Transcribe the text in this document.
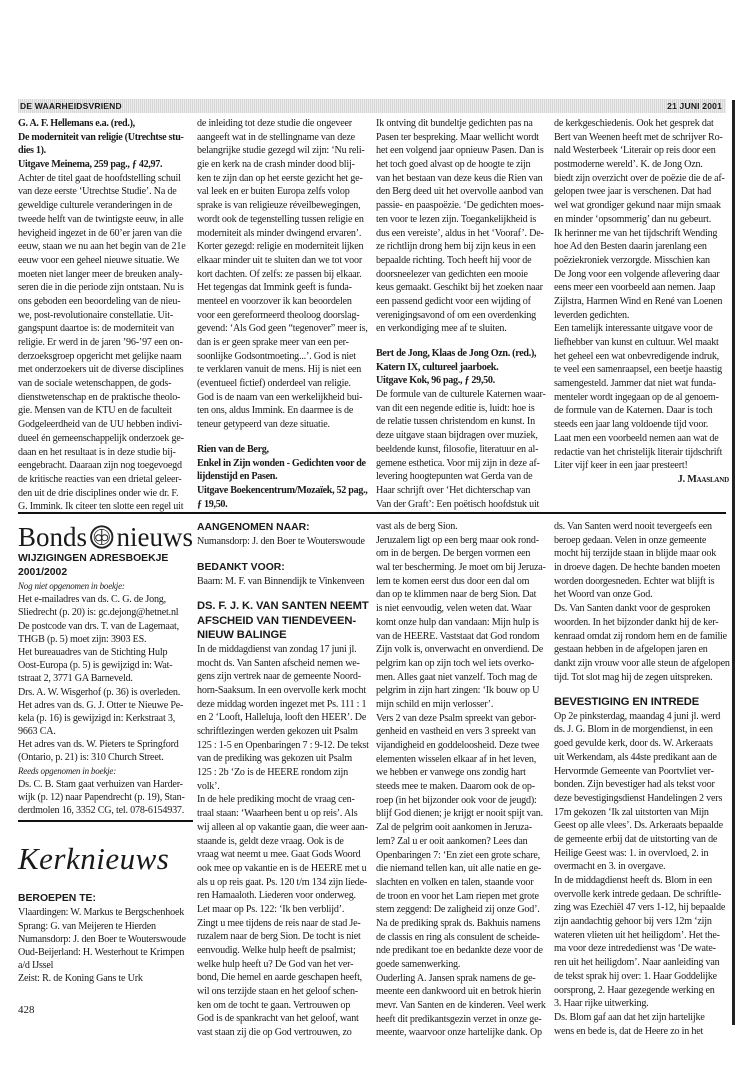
DE WAARHEIDSVRIEND	21 JUNI 2001
G. A. F. Hellemans e.a. (red.),
De moderniteit van religie (Utrechtse stu-
dies 1).
Uitgave Meinema, 259 pag., ƒ 42,97.
Achter de titel gaat de hoofdstelling schuil
van deze eerste ‘Utrechtse Studie’. Na de
geweldige culturele veranderingen in de
tweede helft van de twintigste eeuw, in alle
hevigheid ingezet in de 60’er jaren van die
eeuw, staan we nu aan het begin van de 21e
eeuw voor een geheel nieuwe situatie. We
moeten niet langer meer de breuken analy-
seren die in die periode zijn ontstaan. Nu is
ons geboden een beoordeling van de nieu-
we, post-revolutionaire constellatie. Uit-
gangspunt daartoe is: de moderniteit van
religie. Er werd in de jaren ’96-’97 een on-
derzoeksgroep opgericht met gelijke naam
met onderzoekers uit de diverse disciplines
van de sociale wetenschappen, de gods-
dienstwetenschap en de praktische theolo-
gie. Mensen van de KTU en de faculteit
Godgeleerdheid van de UU hebben indivi-
dueel én gemeenschappelijk onderzoek ge-
daan en het resultaat is in deze studie bij-
eengebracht. Daaraan zijn nog toegevoegd
de kritische reacties van een drietal geleer-
den uit de drie disciplines onder wie dr. F.
G. Immink. Ik citeer ten slotte een regel uit
de inleiding tot deze studie die ongeveer
aangeeft wat in de stellingname van deze
belangrijke studie gezegd wil zijn: ‘Nu reli-
gie en kerk na de crash minder dood blij-
ken te zijn dan op het eerste gezicht het ge-
val leek en er buiten Europa zelfs volop
sprake is van religieuze réveilbewegingen,
wordt ook de tegenstelling tussen religie en
moderniteit als minder dwingend ervaren’.
Korter gezegd: religie en moderniteit lijken
elkaar minder uit te sluiten dan we tot voor
kort dachten. Of zelfs: ze passen bij elkaar.
Het tegengas dat Immink geeft is funda-
menteel en voorzover ik kan beoordelen
voor een gereformeerd theoloog doorslag-
gevend: ‘Als God geen “tegenover” meer is,
dan is er geen sprake meer van een per-
soonlijke Godsontmoeting...’. God is niet
te verklaren vanuit de mens. Hij is niet een
(eventueel fictief) onderdeel van religie.
God is de naam van een werkelijkheid bui-
ten ons, aldus Immink. En daarmee is de
teneur getypeerd van deze situatie.
Rien van de Berg,
Enkel in Zijn wonden - Gedichten voor de
lijdenstijd en Pasen.
Uitgave Boekencentrum/Mozaïek, 52 pag.,
ƒ 19,50.
Ik ontving dit bundeltje gedichten pas na
Pasen ter bespreking. Maar wellicht wordt
het een volgend jaar opnieuw Pasen. Dan is
het toch goed alvast op de hoogte te zijn
van het bestaan van deze keus die Rien van
den Berg deed uit het overvolle aanbod van
passie- en paaspoëzie. ‘De gedichten moes-
ten voor te lezen zijn. Toegankelijkheid is
dus een vereiste’, aldus in het ‘Vooraf’. De-
ze richtlijn drong hem bij zijn keus in een
bepaalde richting. Toch heeft hij voor de
doorsneelezer van gedichten een mooie
keus gemaakt. Geschikt bij het zoeken naar
een passend gedicht voor een wijding of
verenigingsavond of om een overdenking
en verkondiging mee af te sluiten.
Bert de Jong, Klaas de Jong Ozn. (red.),
Katern IX, cultureel jaarboek.
Uitgave Kok, 96 pag., ƒ 29,50.
De formule van de culturele Katernen waar-
van dit een negende editie is, luidt: hoe is
de relatie tussen christendom en kunst. In
deze uitgave staan bijdragen over muziek,
beeldende kunst, filosofie, literatuur en al-
gemene esthetica. Voor mij zijn in deze af-
levering hoogtepunten wat Gerda van de
Haar schrijft over ‘Het dichterschap van
Van der Graft’: Een poëtisch hoofdstuk uit
de kerkgeschiedenis. Ook het gesprek dat
Bert van Weenen heeft met de schrijver Ro-
nald Westerbeek ‘Literair op reis door een
postmoderne wereld’. K. de Jong Ozn.
biedt zijn overzicht over de poëzie die de af-
gelopen twee jaar is verschenen. Dat had
wel wat grondiger gekund naar mijn smaak
en minder ‘opsommerig’ dan nu gebeurt.
Ik herinner me van het tijdschrift Wending
hoe Ad den Besten daarin jarenlang een
poëziekroniek verzorgde. Misschien kan
De Jong voor een volgende aflevering daar
eens meer een voorbeeld aan nemen. Jaap
Zijlstra, Harmen Wind en René van Loenen
leverden gedichten.
Een tamelijk interessante uitgave voor de
liefhebber van kunst en cultuur. Wel maakt
het geheel een wat onbevredigende indruk,
te veel een samenraapsel, een beetje haastig
samengesteld. Jammer dat niet wat funda-
menteler wordt ingegaan op de al genoem-
de formule van de Katernen. Daar is toch
steeds een jaar lang voldoende tijd voor.
Laat men een voorbeeld nemen aan wat de
redactie van het christelijk literair tijdschrift
Liter vijf keer in een jaar presteert!
J. Maasland
Bonds nieuws
WIJZIGINGEN ADRESBOEKJE
2001/2002
Nog niet opgenomen in boekje:
Het e-mailadres van ds. C. G. de Jong,
Sliedrecht (p. 20) is: gc.dejong@hetnet.nl
De postcode van drs. T. van de Lagemaat,
THGB (p. 5) moet zijn: 3903 ES.
Het bureauadres van de Stichting Hulp
Oost-Europa (p. 5) is gewijzigd in: Wat-
tstraat 2, 3771 GA Barneveld.
Drs. A. W. Wisgerhof (p. 36) is overleden.
Het adres van ds. G. J. Otter te Nieuwe Pe-
kela (p. 16) is gewijzigd in: Kerkstraat 3,
9663 CA.
Het adres van ds. W. Pieters te Springford
(Ontario, p. 21) is: 310 Church Street.
Reeds opgenomen in boekje:
Ds. C. B. Stam gaat verhuizen van Harder-
wijk (p. 12) naar Papendrecht (p. 19), Stan-
derdmolen 16, 3352 CG, tel. 078-6154937.
Kerknieuws
BEROEPEN TE:
Vlaardingen: W. Markus te Bergschenhoek
Sprang: G. van Meijeren te Hierden
Numansdorp: J. den Boer te Wouterswoude
Oud-Beijerland: H. Westerhout te Krimpen
a/d IJssel
Zeist: R. de Koning Gans te Urk
AANGENOMEN NAAR:
Numansdorp: J. den Boer te Wouterswoude
BEDANKT VOOR:
Baarn: M. F. van Binnendijk te Vinkenveen
DS. F. J. K. VAN SANTEN NEEMT
AFSCHEID VAN TIENDEVEEN-
NIEUW BALINGE
In de middagdienst van zondag 17 juni jl.
mocht ds. Van Santen afscheid nemen we-
gens zijn vertrek naar de gemeente Noord-
horn-Saaksum. In een overvolle kerk mocht
deze middag worden ingezet met Ps. 111 : 1
en 2 ‘Looft, Halleluja, looft den HEER’. De
schriftlezingen werden gekozen uit Psalm
125 : 1-5 en Openbaringen 7 : 9-12. De tekst
van de prediking was gekozen uit Psalm
125 : 2b ‘Zo is de HEERE rondom zijn
volk’.
In de hele prediking mocht de vraag cen-
traal staan: ‘Waarheen bent u op reis’. Als
wij alleen al op vakantie gaan, die weer aan-
staande is, geldt deze vraag. Ook is de
vraag wat neemt u mee. Gaat Gods Woord
ook mee op vakantie en is de HEERE met u
als u op reis gaat. Ps. 120 t/m 134 zijn liede-
ren Hamaaloth. Liederen voor onderweg.
Let maar op Ps. 122: ‘Ik ben verblijd’.
Zingt u mee tijdens de reis naar de stad Je-
ruzalem naar de berg Sion. De tocht is niet
eenvoudig. Welke hulp heeft de psalmist;
welke hulp heeft u? De God van het ver-
bond, Die hemel en aarde geschapen heeft,
wil ons terzijde staan en het geloof schen-
ken om de tocht te gaan. Vertrouwen op
God is de spankracht van het geloof, want
vast staan zij die op God vertrouwen, zo
vast als de berg Sion.
Jeruzalem ligt op een berg maar ook rond-
om in de bergen. De bergen vormen een
wal ter bescherming. Je moet om bij Jeruza-
lem te komen eerst dus door een dal om
dan op te klimmen naar de berg Sion. Dat
is niet eenvoudig, velen weten dat. Waar
komt onze hulp dan vandaan: Mijn hulp is
van de HEERE. Vaststaat dat God rondom
Zijn volk is, onverwacht en onverdiend. De
pelgrim kan op zijn toch wel iets overko-
men. Alles gaat niet vanzelf. Toch mag de
pelgrim in zijn hart zingen: ‘Ik bouw op U
mijn schild en mijn verlosser’.
Vers 2 van deze Psalm spreekt van gebor-
genheid en vastheid en vers 3 spreekt van
vijandigheid en goddeloosheid. Deze twee
elementen wisselen elkaar af in het leven,
we hebben er vanwege ons zondig hart
steeds mee te maken. Daarom ook de op-
roep (in het bijzonder ook voor de jeugd):
blijf God dienen; je krijgt er nooit spijt van.
Zal de pelgrim ooit aankomen in Jeruza-
lem? Zal u er ooit aankomen? Lees dan
Openbaringen 7: ‘En ziet een grote schare,
die niemand tellen kan, uit alle natie en ge-
slachten en volken en talen, staande voor
de troon en voor het Lam riepen met grote
stem zeggend: De zaligheid zij onze God’.
Na de prediking sprak ds. Bakhuis namens
de classis en ring als consulent de scheide-
nde predikant toe en bedankte deze voor de
goede samenwerking.
Ouderling A. Jansen sprak namens de ge-
meente een dankwoord uit en betrok hierin
mevr. Van Santen en de kinderen. Veel werk
heeft dit predikantsgezin verzet in onze ge-
meente, waarvoor onze hartelijke dank. Op
ds. Van Santen werd nooit tevergeefs een
beroep gedaan. Velen in onze gemeente
mocht hij terzijde staan in blijde maar ook
in droeve dagen. De hechte banden moeten
worden doorgesneden. Echter wat blijft is
het Woord van onze God.
Ds. Van Santen dankt voor de gesproken
woorden. In het bijzonder dankt hij de ker-
kenraad omdat zij rondom hem en de familie
gestaan hebben in de afgelopen jaren en
dankt zijn vrouw voor alle steun de afgelopen
tijd. Tot slot mag hij de zegen uitspreken.
BEVESTIGING EN INTREDE
Op 2e pinksterdag, maandag 4 juni jl. werd
ds. J. G. Blom in de morgendienst, in een
goed gevulde kerk, door ds. W. Arkeraats
uit Werkendam, als 44ste predikant aan de
Hervormde Gemeente van Poortvliet ver-
bonden. Zijn bevestiger had als tekst voor
deze bevestigingsdienst Handelingen 2 vers
17m gekozen ‘Ik zal uitstorten van Mijn
Geest op alle vlees’. Ds. Arkeraats bepaalde
de gemeente erbij dat de uitstorting van de
Heilige Geest was: 1. in overvloed, 2. in
overmacht en 3. in overgave.
In de middagdienst heeft ds. Blom in een
overvolle kerk intrede gedaan. De schriftle-
zing was Ezechiël 47 vers 1-12, hij bepaalde
zijn aandachtig gehoor bij vers 12m ‘zijn
wateren vlieten uit het heiligdom’. Het the-
ma voor deze intrededienst was ‘De wate-
ren uit het heiligdom’. Naar aanleiding van
de tekst sprak hij over: 1. Haar Goddelijke
oorsprong, 2. Haar gezegende werking en
3. Haar rijke uitwerking.
Ds. Blom gaf aan dat het zijn hartelijke
wens en bede is, dat de Heere zo in het
428
